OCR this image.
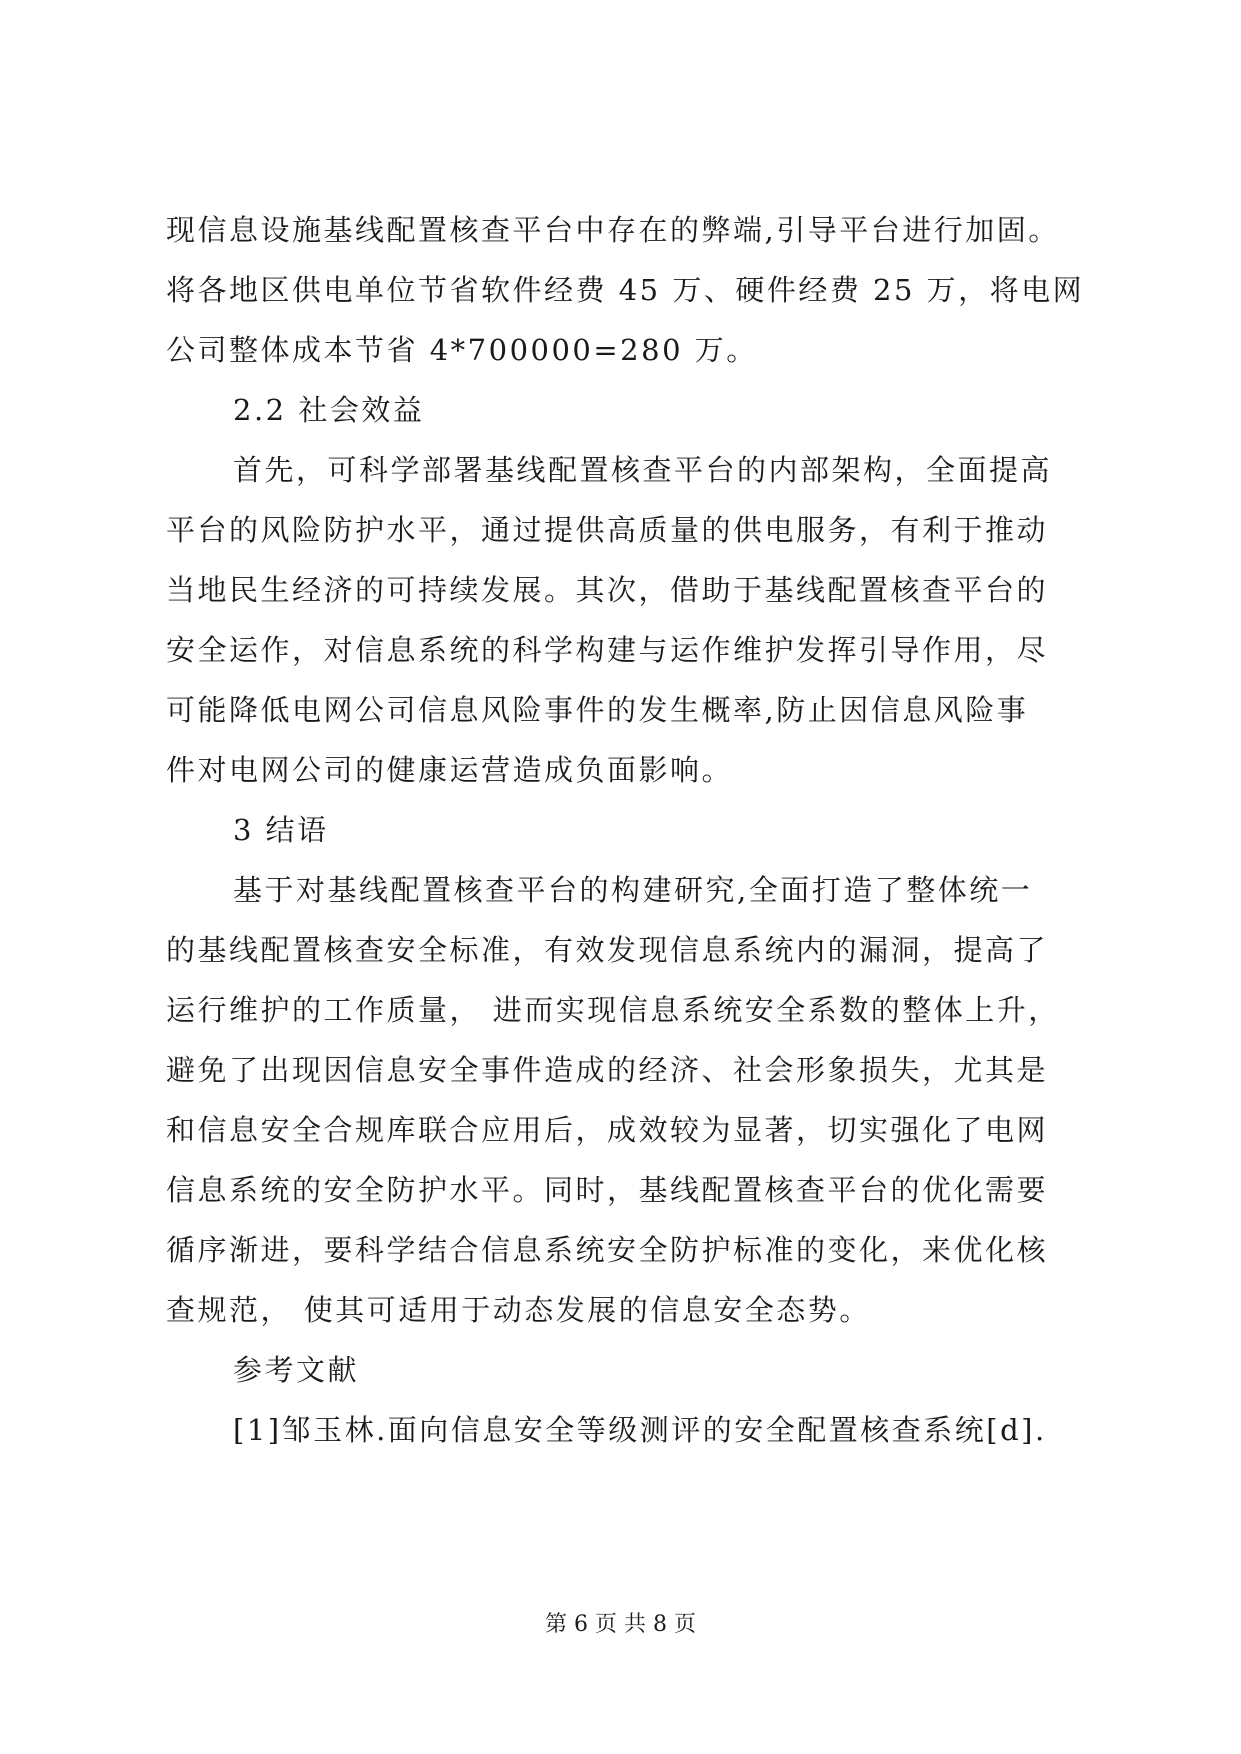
现信息设施基线配置核查平台中存在的弊端,引导平台进行加固。
将各地区供电单位节省软件经费 45 万、硬件经费 25 万，将电网
公司整体成本节省 4*700000=280 万。
2.2 社会效益
首先，可科学部署基线配置核查平台的内部架构，全面提高
平台的风险防护水平，通过提供高质量的供电服务，有利于推动
当地民生经济的可持续发展。其次，借助于基线配置核查平台的
安全运作，对信息系统的科学构建与运作维护发挥引导作用，尽
可能降低电网公司信息风险事件的发生概率,防止因信息风险事
件对电网公司的健康运营造成负面影响。
3 结语
基于对基线配置核查平台的构建研究,全面打造了整体统一
的基线配置核查安全标准，有效发现信息系统内的漏洞，提高了
运行维护的工作质量， 进而实现信息系统安全系数的整体上升，
避免了出现因信息安全事件造成的经济、社会形象损失，尤其是
和信息安全合规库联合应用后，成效较为显著，切实强化了电网
信息系统的安全防护水平。同时，基线配置核查平台的优化需要
循序渐进，要科学结合信息系统安全防护标准的变化，来优化核
查规范， 使其可适用于动态发展的信息安全态势。
参考文献
[1]邹玉林.面向信息安全等级测评的安全配置核查系统[d].
第 6 页 共 8 页
